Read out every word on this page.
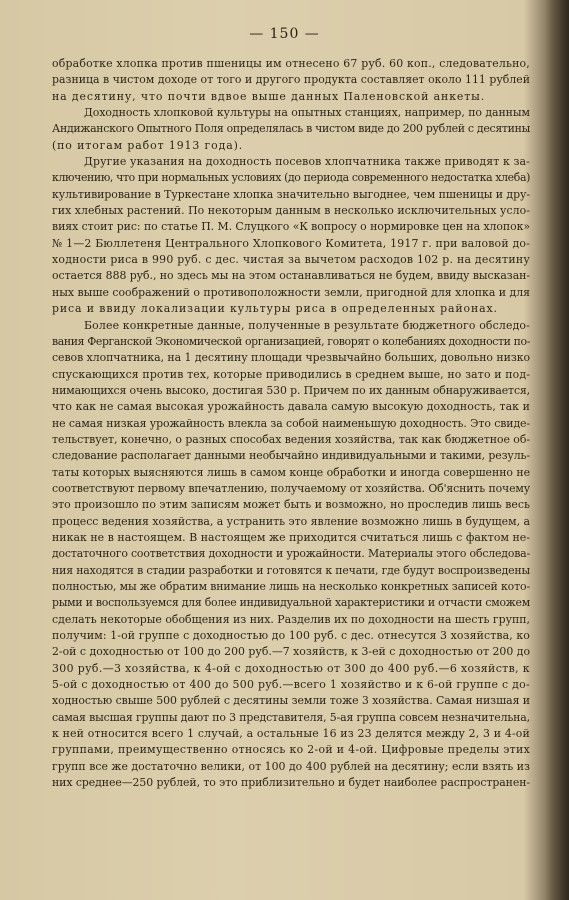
— 150 —
обработке хлопка против пшеницы им отнесено 67 руб. 60 коп., следовательно,
разница в чистом доходе от того и другого продукта составляет около 111 рублей
на десятину, что почти вдвое выше данных Паленовской анкеты.
Доходность хлопковой культуры на опытных станциях, например, по данным
Андижанского Опытного Поля определялась в чистом виде до 200 рублей с десятины
(по итогам работ 1913 года).
Другие указания на доходность посевов хлопчатника также приводят к за-
ключению, что при нормальных условиях (до периода современного недостатка хлеба)
культивирование в Туркестане хлопка значительно выгоднее, чем пшеницы и дру-
гих хлебных растений. По некоторым данным в несколько исключительных усло-
виях стоит рис: по статье П. М. Слуцкого «К вопросу о нормировке цен на хлопок»
№ 1—2 Бюллетеня Центрального Хлопкового Комитета, 1917 г. при валовой до-
ходности риса в 990 руб. с дес. чистая за вычетом расходов 102 р. на десятину
остается 888 руб., но здесь мы на этом останавливаться не будем, ввиду высказан-
ных выше соображений о противоположности земли, пригодной для хлопка и для
риса и ввиду локализации культуры риса в определенных районах.
Более конкретные данные, полученные в результате бюджетного обследо-
вания Ферганской Экономической организацией, говорят о колебаниях доходности по-
севов хлопчатника, на 1 десятину площади чрезвычайно больших, довольно низко
спускающихся против тех, которые приводились в среднем выше, но зато и под-
нимающихся очень высоко, достигая 530 р. Причем по их данным обнаруживается,
что как не самая высокая урожайность давала самую высокую доходность, так и
не самая низкая урожайность влекла за собой наименьшую доходность. Это свиде-
тельствует, конечно, о разных способах ведения хозяйства, так как бюджетное об-
следование располагает данными необычайно индивидуальными и такими, резуль-
таты которых выясняются лишь в самом конце обработки и иногда совершенно не
соответствуют первому впечатлению, получаемому от хозяйства. Об'яснить почему
это произошло по этим записям может быть и возможно, но проследив лишь весь
процесс ведения хозяйства, а устранить это явление возможно лишь в будущем, а
никак не в настоящем. В настоящем же приходится считаться лишь с фактом не-
достаточного соответствия доходности и урожайности. Материалы этого обследова-
ния находятся в стадии разработки и готовятся к печати, где будут воспроизведены
полностью, мы же обратим внимание лишь на несколько конкретных записей кото-
рыми и воспользуемся для более индивидуальной характеристики и отчасти сможем
сделать некоторые обобщения из них. Разделив их по доходности на шесть групп,
получим: 1-ой группе с доходностью до 100 руб. с дес. отнесутся 3 хозяйства, ко
2-ой с доходностью от 100 до 200 руб.—7 хозяйств, к 3-ей с доходностью от 200 до
300 руб.—3 хозяйства, к 4-ой с доходностью от 300 до 400 руб.—6 хозяйств, к
5-ой с доходностью от 400 до 500 руб.—всего 1 хозяйство и к 6-ой группе с до-
ходностью свыше 500 рублей с десятины земли тоже 3 хозяйства. Самая низшая и
самая высшая группы дают по 3 представителя, 5-ая группа совсем незначительна,
к ней относится всего 1 случай, а остальные 16 из 23 делятся между 2, 3 и 4-ой
группами, преимущественно относясь ко 2-ой и 4-ой. Цифровые пределы этих
групп все же достаточно велики, от 100 до 400 рублей на десятину; если взять из
них среднее—250 рублей, то это приблизительно и будет наиболее распространен-
